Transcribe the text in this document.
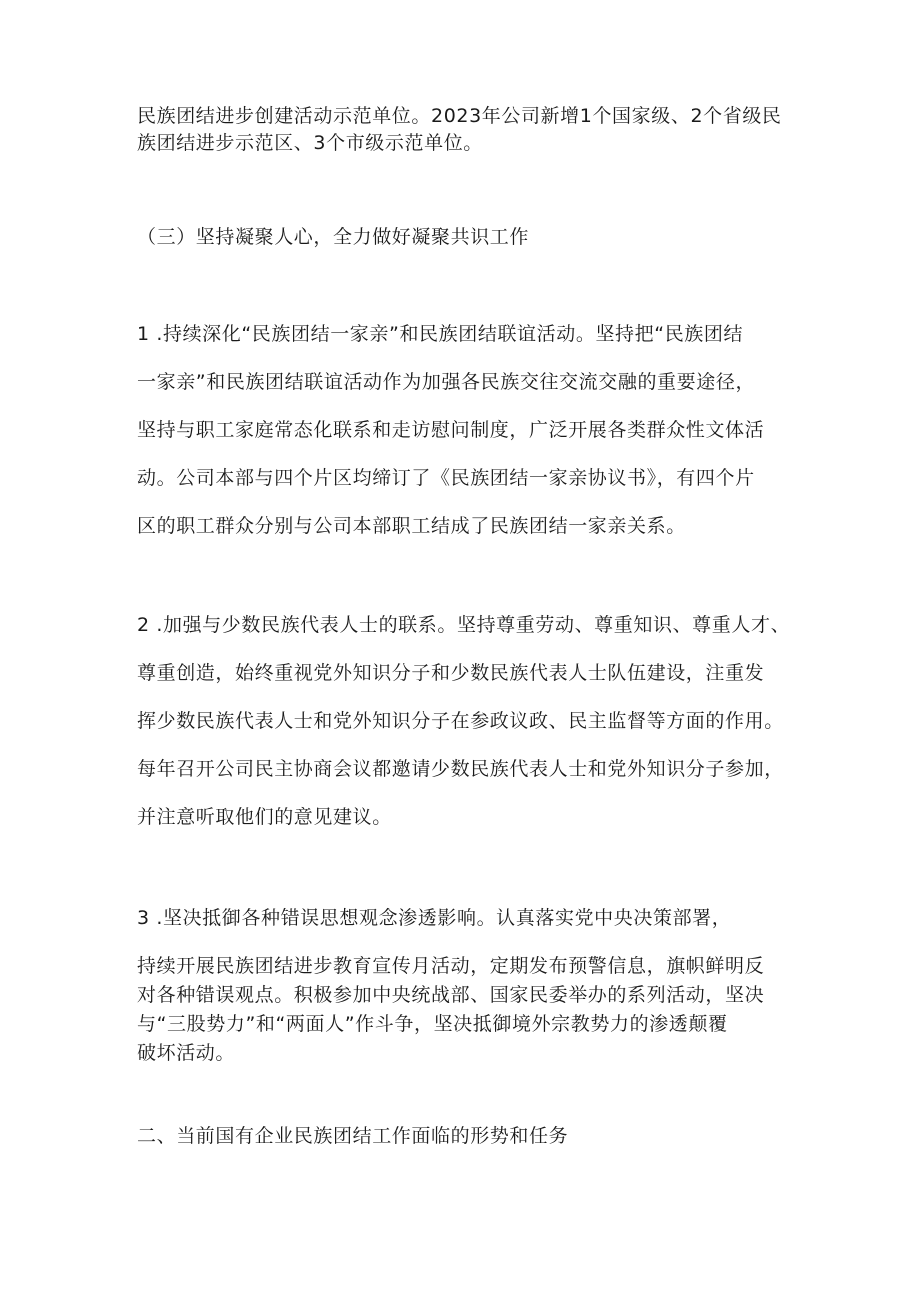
民族团结进步创建活动示范单位。2023年公司新增1个国家级、2个省级民
族团结进步示范区、3个市级示范单位。
（三）坚持凝聚人心，全力做好凝聚共识工作
1 .持续深化“民族团结一家亲”和民族团结联谊活动。坚持把“民族团结
一家亲”和民族团结联谊活动作为加强各民族交往交流交融的重要途径，
坚持与职工家庭常态化联系和走访慰问制度，广泛开展各类群众性文体活
动。公司本部与四个片区均缔订了《民族团结一家亲协议书》，有四个片
区的职工群众分别与公司本部职工结成了民族团结一家亲关系。
2 .加强与少数民族代表人士的联系。坚持尊重劳动、尊重知识、尊重人才、
尊重创造，始终重视党外知识分子和少数民族代表人士队伍建设，注重发
挥少数民族代表人士和党外知识分子在参政议政、民主监督等方面的作用。
每年召开公司民主协商会议都邀请少数民族代表人士和党外知识分子参加，
并注意听取他们的意见建议。
3 .坚决抵御各种错误思想观念渗透影响。认真落实党中央决策部署，
持续开展民族团结进步教育宣传月活动，定期发布预警信息，旗帜鲜明反
对各种错误观点。积极参加中央统战部、国家民委举办的系列活动，坚决
与“三股势力”和“两面人”作斗争，坚决抵御境外宗教势力的渗透颠覆
破坏活动。
二、当前国有企业民族团结工作面临的形势和任务
